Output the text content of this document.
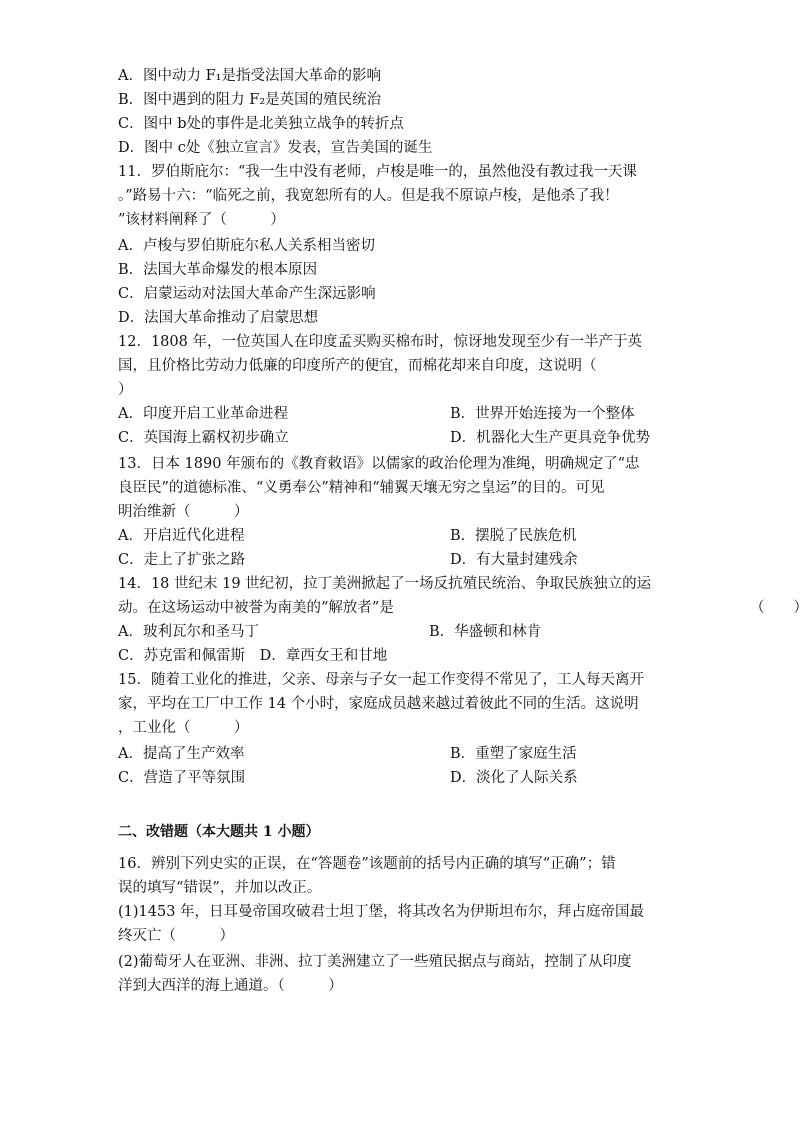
A．图中动力 F₁是指受法国大革命的影响
B．图中遇到的阻力 F₂是英国的殖民统治
C．图中 b处的事件是北美独立战争的转折点
D．图中 c处《独立宣言》发表，宣告美国的诞生
11．罗伯斯庇尔：“我一生中没有老师，卢梭是唯一的，虽然他没有教过我一天课
。”路易十六：“临死之前，我宽恕所有的人。但是我不原谅卢梭，是他杀了我！
”该材料阐释了（　　　）
A．卢梭与罗伯斯庇尔私人关系相当密切
B．法国大革命爆发的根本原因
C．启蒙运动对法国大革命产生深远影响
D．法国大革命推动了启蒙思想
12．1808 年，一位英国人在印度孟买购买棉布时，惊讶地发现至少有一半产于英
国，且价格比劳动力低廉的印度所产的便宜，而棉花却来自印度，这说明（
）
A．印度开启工业革命进程	B．世界开始连接为一个整体
C．英国海上霸权初步确立	D．机器化大生产更具竞争优势
13．日本 1890 年颁布的《教育敕语》以儒家的政治伦理为准绳，明确规定了“忠
良臣民”的道德标准、“义勇奉公”精神和“辅翼天壤无穷之皇运”的目的。可见
明治维新（　　　）
A．开启近代化进程	B．摆脱了民族危机
C．走上了扩张之路	D．有大量封建残余
14．18 世纪末 19 世纪初，拉丁美洲掀起了一场反抗殖民统治、争取民族独立的运
动。在这场运动中被誉为南美的“解放者”是	（　　）
A．玻利瓦尔和圣马丁	B．华盛顿和林肯
C．苏克雷和佩雷斯　D．章西女王和甘地
15．随着工业化的推进，父亲、母亲与子女一起工作变得不常见了，工人每天离开
家，平均在工厂中工作 14 个小时，家庭成员越来越过着彼此不同的生活。这说明
，工业化（　　　）
A．提高了生产效率	B．重塑了家庭生活
C．营造了平等氛围	D．淡化了人际关系
二、改错题（本大题共 1 小题）
16．辨别下列史实的正误，在“答题卷”该题前的括号内正确的填写“正确”；错
误的填写“错误”，并加以改正。
(1)1453 年，日耳曼帝国攻破君士坦丁堡，将其改名为伊斯坦布尔，拜占庭帝国最
终灭亡（　　　）
(2)葡萄牙人在亚洲、非洲、拉丁美洲建立了一些殖民据点与商站，控制了从印度
洋到大西洋的海上通道。（　　　）
